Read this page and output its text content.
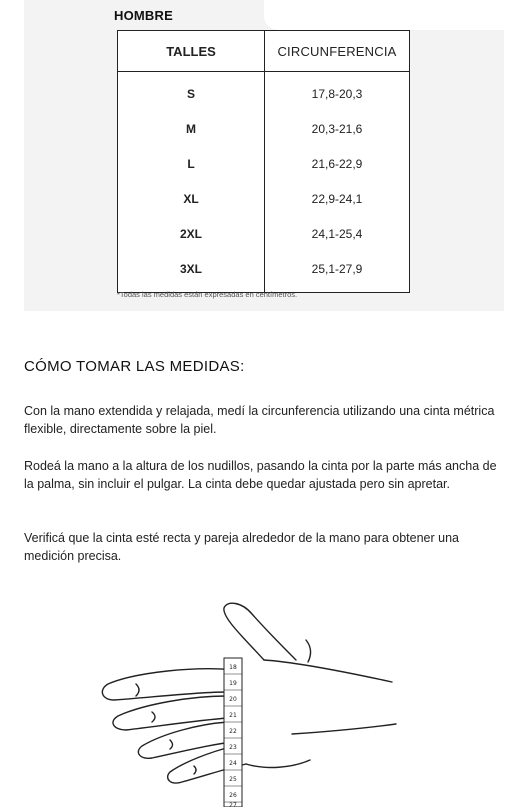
HOMBRE
TALLES	CIRCUNFERENCIA
S	17,8-20,3
M	20,3-21,6
L	21,6-22,9
XL	22,9-24,1
2XL	24,1-25,4
3XL	25,1-27,9
*Todas las medidas están expresadas en centímetros.
CÓMO TOMAR LAS MEDIDAS:

Con la mano extendida y relajada, medí la circunferencia utilizando una cinta métrica flexible, directamente sobre la piel.

Rodeá la mano a la altura de los nudillos, pasando la cinta por la parte más ancha de la palma, sin incluir el pulgar. La cinta debe quedar ajustada pero sin apretar.

Verificá que la cinta esté recta y pareja alrededor de la mano para obtener una medición precisa.

18
19
20
21
22
23
24
25
26
27
